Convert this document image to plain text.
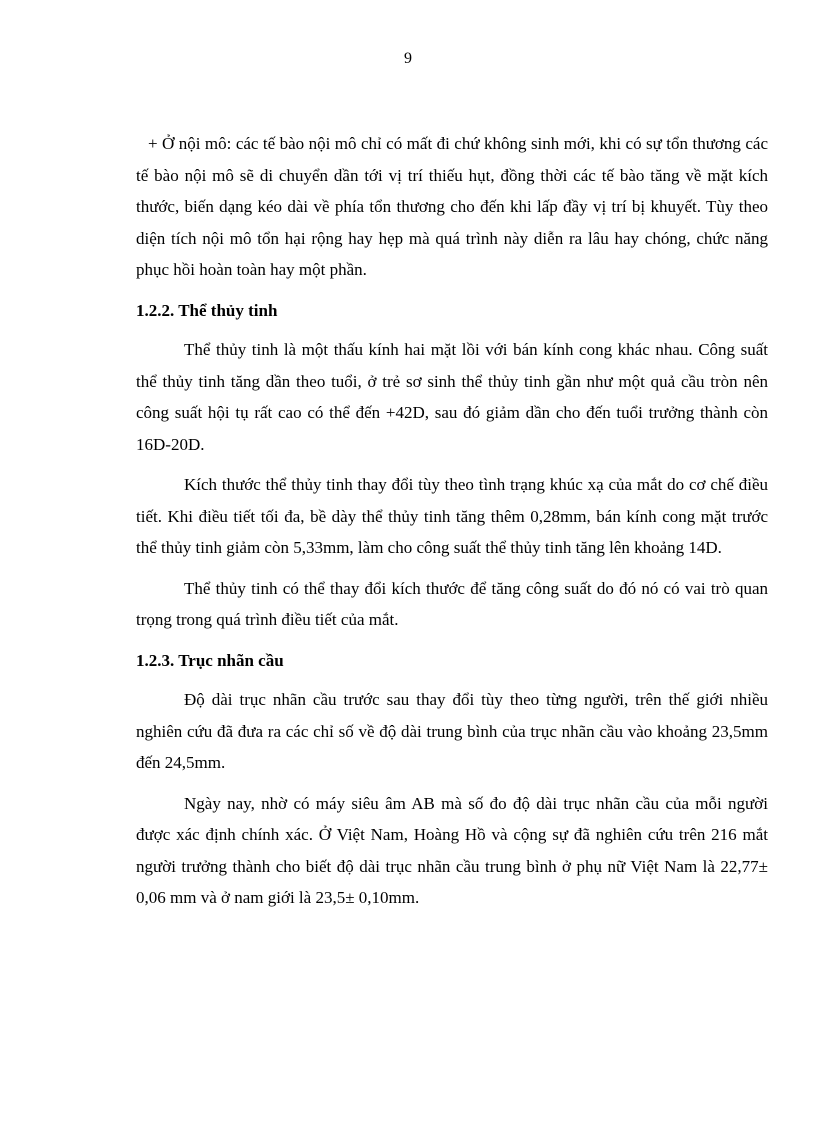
9

+ Ở nội mô: các tế bào nội mô chỉ có mất đi chứ không sinh mới, khi có sự tổn thương các tế bào nội mô sẽ di chuyển dần tới vị trí thiếu hụt, đồng thời các tế bào tăng về mặt kích thước, biến dạng kéo dài về phía tổn thương cho đến khi lấp đầy vị trí bị khuyết. Tùy theo diện tích nội mô tổn hại rộng hay hẹp mà quá trình này diễn ra lâu hay chóng, chức năng phục hồi hoàn toàn hay một phần.

1.2.2. Thể thủy tinh

Thể thủy tinh là một thấu kính hai mặt lồi với bán kính cong khác nhau. Công suất thể thủy tinh tăng dần theo tuổi, ở trẻ sơ sinh thể thủy tinh gần như một quả cầu tròn nên công suất hội tụ rất cao có thể đến +42D, sau đó giảm dần cho đến tuổi trưởng thành còn 16D-20D.

Kích thước thể thủy tinh thay đổi tùy theo tình trạng khúc xạ của mắt do cơ chế điều tiết. Khi điều tiết tối đa, bề dày thể thủy tinh tăng thêm 0,28mm, bán kính cong mặt trước thể thủy tinh giảm còn 5,33mm, làm cho công suất thể thủy tinh tăng lên khoảng 14D.

Thể thủy tinh có thể thay đổi kích thước để tăng công suất do đó nó có vai trò quan trọng trong quá trình điều tiết của mắt.

1.2.3. Trục nhãn cầu

Độ dài trục nhãn cầu trước sau thay đổi tùy theo từng người, trên thế giới nhiều nghiên cứu đã đưa ra các chỉ số về độ dài trung bình của trục nhãn cầu vào khoảng 23,5mm đến 24,5mm.

Ngày nay, nhờ có máy siêu âm AB mà số đo độ dài trục nhãn cầu của mỗi người được xác định chính xác. Ở Việt Nam, Hoàng Hồ và cộng sự đã nghiên cứu trên 216 mắt người trưởng thành cho biết độ dài trục nhãn cầu trung bình ở phụ nữ Việt Nam là 22,77± 0,06 mm và ở nam giới là 23,5± 0,10mm.
